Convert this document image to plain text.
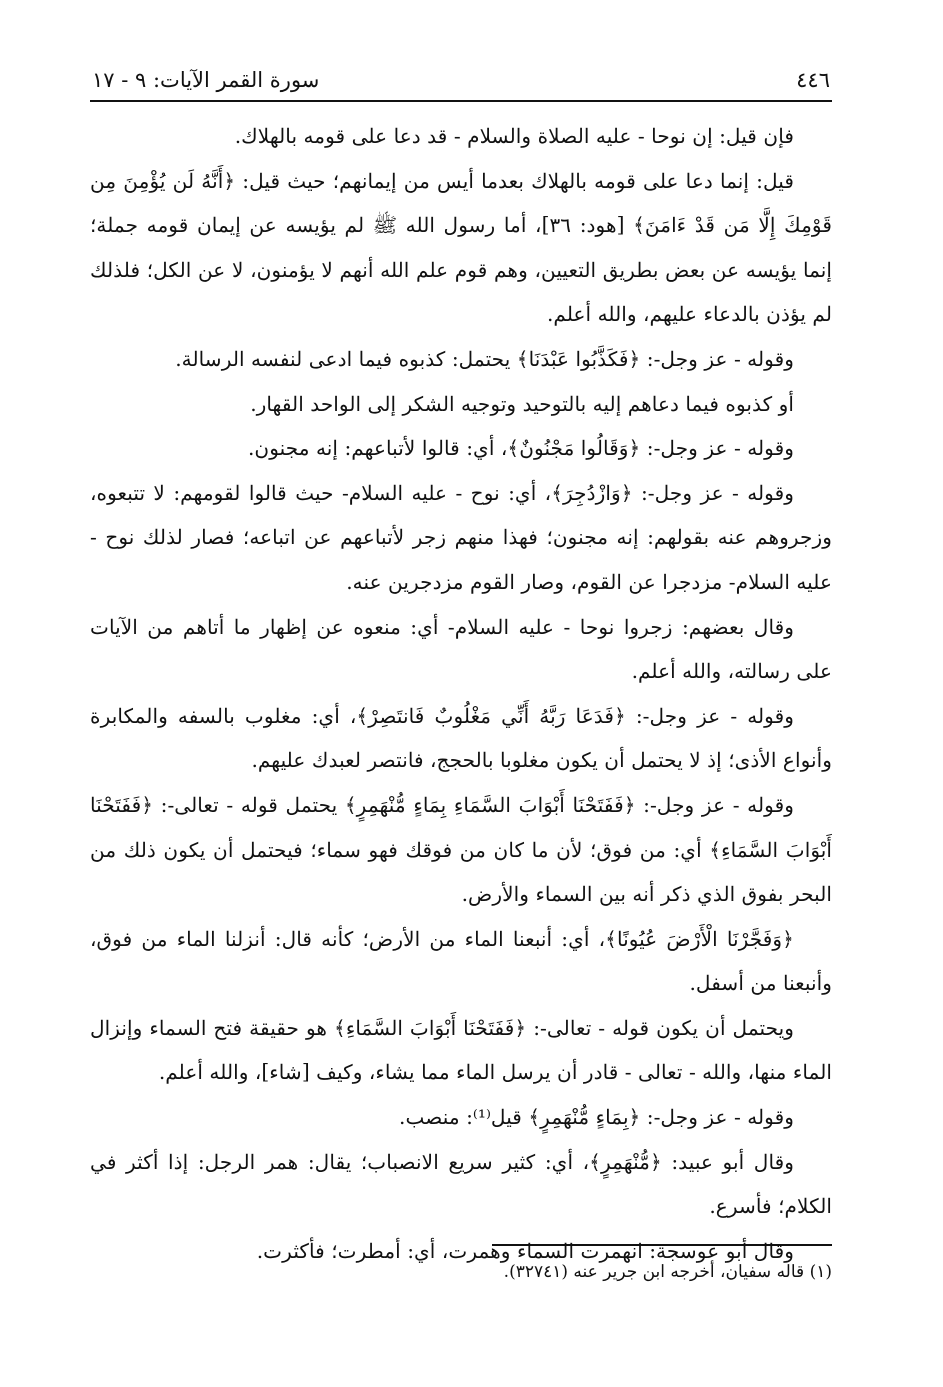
٤٤٦
سورة القمر الآيات: ٩ - ١٧

فإن قيل: إن نوحا - عليه الصلاة والسلام - قد دعا على قومه بالهلاك.

قيل: إنما دعا على قومه بالهلاك بعدما أيس من إيمانهم؛ حيث قيل: ﴿أَنَّهُ لَن يُؤْمِنَ مِن قَوْمِكَ إِلَّا مَن قَدْ ءَامَنَ﴾ [هود: ٣٦]، أما رسول الله ﷺ لم يؤيسه عن إيمان قومه جملة؛ إنما يؤيسه عن بعض بطريق التعيين، وهم قوم علم الله أنهم لا يؤمنون، لا عن الكل؛ فلذلك لم يؤذن بالدعاء عليهم، والله أعلم.

وقوله - عز وجل-: ﴿فَكَذَّبُوا عَبْدَنَا﴾ يحتمل: كذبوه فيما ادعى لنفسه الرسالة.

أو كذبوه فيما دعاهم إليه بالتوحيد وتوجيه الشكر إلى الواحد القهار.

وقوله - عز وجل-: ﴿وَقَالُوا مَجْنُونٌ﴾، أي: قالوا لأتباعهم: إنه مجنون.

وقوله - عز وجل-: ﴿وَازْدُجِرَ﴾، أي: نوح - عليه السلام- حيث قالوا لقومهم: لا تتبعوه، وزجروهم عنه بقولهم: إنه مجنون؛ فهذا منهم زجر لأتباعهم عن اتباعه؛ فصار لذلك نوح - عليه السلام- مزدجرا عن القوم، وصار القوم مزدجرين عنه.

وقال بعضهم: زجروا نوحا - عليه السلام- أي: منعوه عن إظهار ما أتاهم من الآيات على رسالته، والله أعلم.

وقوله - عز وجل-: ﴿فَدَعَا رَبَّهُ أَنِّي مَغْلُوبٌ فَانتَصِرْ﴾، أي: مغلوب بالسفه والمكابرة وأنواع الأذى؛ إذ لا يحتمل أن يكون مغلوبا بالحجج، فانتصر لعبدك عليهم.

وقوله - عز وجل-: ﴿فَفَتَحْنَا أَبْوَابَ السَّمَاءِ بِمَاءٍ مُّنْهَمِرٍ﴾ يحتمل قوله - تعالى-: ﴿فَفَتَحْنَا أَبْوَابَ السَّمَاءِ﴾ أي: من فوق؛ لأن ما كان من فوقك فهو سماء؛ فيحتمل أن يكون ذلك من البحر بفوق الذي ذكر أنه بين السماء والأرض.

﴿وَفَجَّرْنَا الْأَرْضَ عُيُونًا﴾، أي: أنبعنا الماء من الأرض؛ كأنه قال: أنزلنا الماء من فوق، وأنبعنا من أسفل.

ويحتمل أن يكون قوله - تعالى-: ﴿فَفَتَحْنَا أَبْوَابَ السَّمَاءِ﴾ هو حقيقة فتح السماء وإنزال الماء منها، والله - تعالى - قادر أن يرسل الماء مما يشاء، وكيف [شاء]، والله أعلم.

وقوله - عز وجل-: ﴿بِمَاءٍ مُّنْهَمِرٍ﴾ قيل⁽¹⁾: منصب.

وقال أبو عبيد: ﴿مُّنْهَمِرٍ﴾، أي: كثير سريع الانصباب؛ يقال: همر الرجل: إذا أكثر في الكلام؛ فأسرع.

وقال أبو عوسجة: انهمرت السماء وهمرت، أي: أمطرت؛ فأكثرت.

(١) قاله سفيان، أخرجه ابن جرير عنه (٣٢٧٤١).
